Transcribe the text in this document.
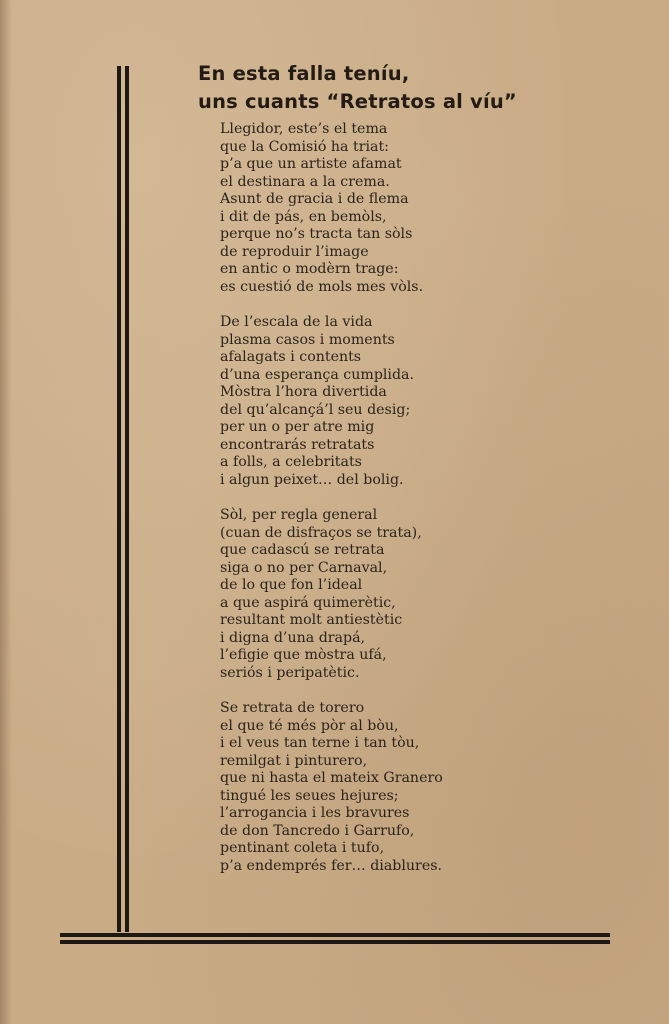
En esta falla teníu,
uns cuants “Retratos al víu”

Llegidor, este’s el tema
que la Comisió ha triat:
p’a que un artiste afamat
el destinara a la crema.
Asunt de gracia i de flema
i dit de pás, en bemòls,
perque no’s tracta tan sòls
de reproduir l’image
en antic o modèrn trage:
es cuestió de mols mes vòls.

De l’escala de la vida
plasma casos i moments
afalagats i contents
d’una esperança cumplida.
Mòstra l’hora divertida
del qu’alcançá’l seu desig;
per un o per atre mig
encontrarás retratats
a folls, a celebritats
i algun peixet… del bolig.

Sòl, per regla general
(cuan de disfraços se trata),
que cadascú se retrata
siga o no per Carnaval,
de lo que fon l’ideal
a que aspirá quimerètic,
resultant molt antiestètic
i digna d’una drapá,
l’efigie que mòstra ufá,
seriós i peripatètic.

Se retrata de torero
el que té més pòr al bòu,
i el veus tan terne i tan tòu,
remilgat i pinturero,
que ni hasta el mateix Granero
tingué les seues hejures;
l’arrogancia i les bravures
de don Tancredo i Garrufo,
pentinant coleta i tufo,
p’a endemprés fer… diablures.
